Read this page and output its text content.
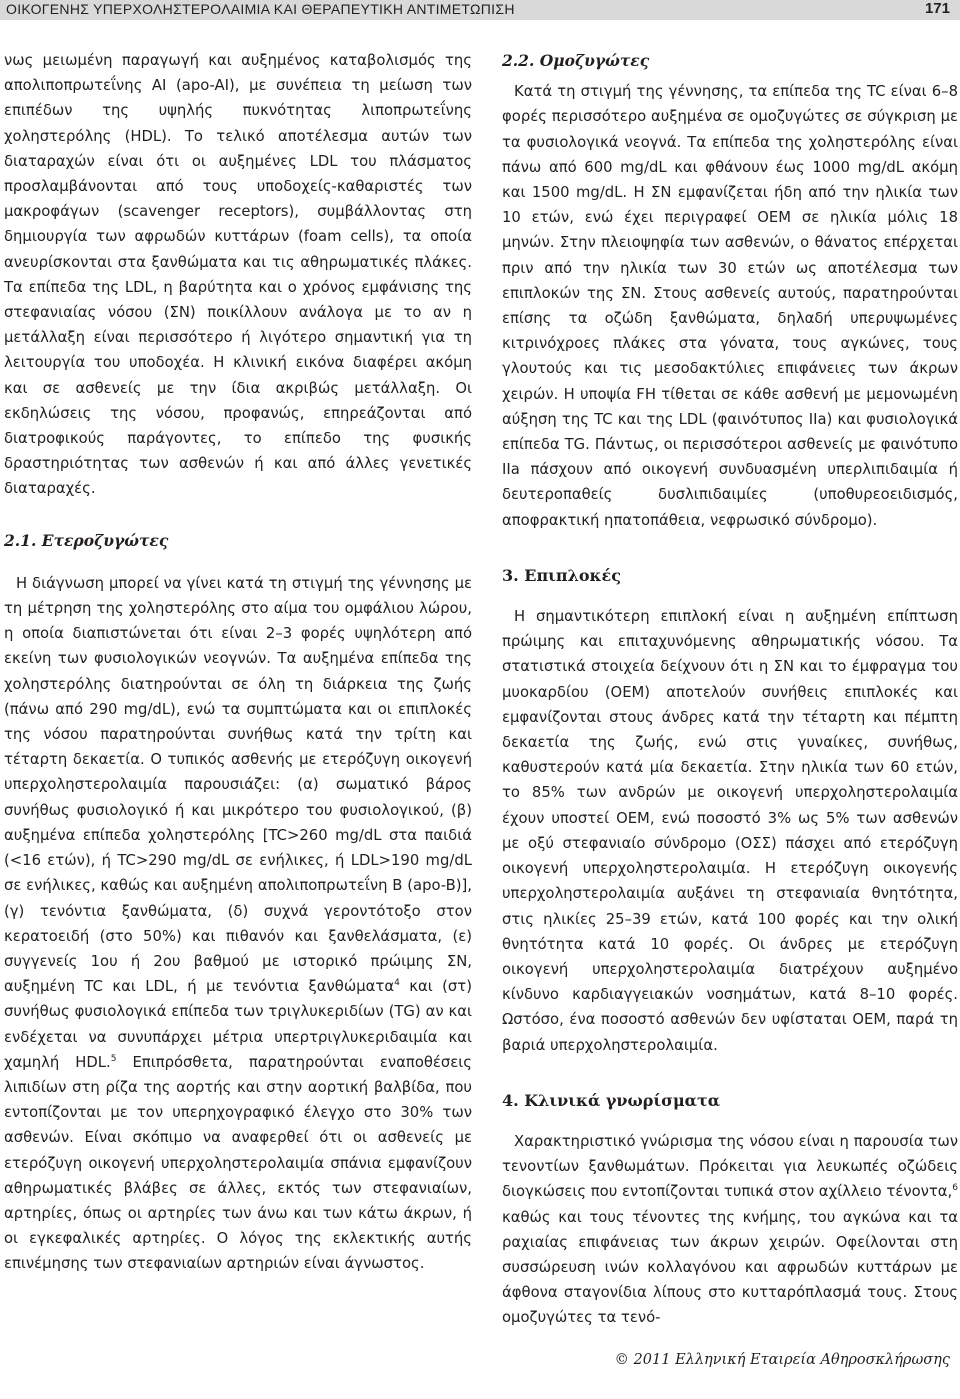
ΟΙΚΟΓΕΝΗΣ ΥΠΕΡΧΟΛΗΣΤΕΡΟΛΑΙΜΙΑ ΚΑΙ ΘΕΡΑΠΕΥΤΙΚΗ ΑΝΤΙΜΕΤΩΠΙΣΗ	171

νως μειωμένη παραγωγή και αυξημένος καταβολισμός της απολιποπρωτεΐνης AI (apo-AI), με συνέπεια τη μείωση των επιπέδων της υψηλής πυκνότητας λιποπρωτεΐνης χοληστερόλης (HDL). Το τελικό αποτέλεσμα αυτών των διαταραχών είναι ότι οι αυξημένες LDL του πλάσματος προσλαμβάνονται από τους υποδοχείς-καθαριστές των μακροφάγων (scavenger receptors), συμβάλλοντας στη δημιουργία των αφρωδών κυττάρων (foam cells), τα οποία ανευρίσκονται στα ξανθώματα και τις αθηρωματικές πλάκες. Τα επίπεδα της LDL, η βαρύτητα και ο χρόνος εμφάνισης της στεφανιαίας νόσου (ΣΝ) ποικίλλουν ανάλογα με το αν η μετάλλαξη είναι περισσότερο ή λιγότερο σημαντική για τη λειτουργία του υποδοχέα. Η κλινική εικόνα διαφέρει ακόμη και σε ασθενείς με την ίδια ακριβώς μετάλλαξη. Οι εκδηλώσεις της νόσου, προφανώς, επηρεάζονται από διατροφικούς παράγοντες, το επίπεδο της φυσικής δραστηριότητας των ασθενών ή και από άλλες γενετικές διαταραχές.

2.1. Ετεροζυγώτες

Η διάγνωση μπορεί να γίνει κατά τη στιγμή της γέννησης με τη μέτρηση της χοληστερόλης στο αίμα του ομφάλιου λώρου, η οποία διαπιστώνεται ότι είναι 2–3 φορές υψηλότερη από εκείνη των φυσιολογικών νεογνών. Τα αυξημένα επίπεδα της χοληστερόλης διατηρούνται σε όλη τη διάρκεια της ζωής (πάνω από 290 mg/dL), ενώ τα συμπτώματα και οι επιπλοκές της νόσου παρατηρούνται συνήθως κατά την τρίτη και τέταρτη δεκαετία. Ο τυπικός ασθενής με ετερόζυγη οικογενή υπερχοληστερολαιμία παρουσιάζει: (α) σωματικό βάρος συνήθως φυσιολογικό ή και μικρότερο του φυσιολογικού, (β) αυξημένα επίπεδα χοληστερόλης [TC>260 mg/dL στα παιδιά (<16 ετών), ή TC>290 mg/dL σε ενήλικες, ή LDL>190 mg/dL σε ενήλικες, καθώς και αυξημένη απολιποπρωτεΐνη B (apo-B)], (γ) τενόντια ξανθώματα, (δ) συχνά γεροντότοξο στον κερατοειδή (στο 50%) και πιθανόν και ξανθελάσματα, (ε) συγγενείς 1ου ή 2ου βαθμού με ιστορικό πρώιμης ΣΝ, αυξημένη TC και LDL, ή με τενόντια ξανθώματα$^4$ και (στ) συνήθως φυσιολογικά επίπεδα των τριγλυκεριδίων (TG) αν και ενδέχεται να συνυπάρχει μέτρια υπερτριγλυκεριδαιμία και χαμηλή HDL.$^5$ Επιπρόσθετα, παρατηρούνται εναποθέσεις λιπιδίων στη ρίζα της αορτής και στην αορτική βαλβίδα, που εντοπίζονται με τον υπερηχογραφικό έλεγχο στο 30% των ασθενών. Είναι σκόπιμο να αναφερθεί ότι οι ασθενείς με ετερόζυγη οικογενή υπερχοληστερολαιμία σπάνια εμφανίζουν αθηρωματικές βλάβες σε άλλες, εκτός των στεφανιαίων, αρτηρίες, όπως οι αρτηρίες των άνω και των κάτω άκρων, ή οι εγκεφαλικές αρτηρίες. Ο λόγος της εκλεκτικής αυτής επινέμησης των στεφανιαίων αρτηριών είναι άγνωστος.

2.2. Ομοζυγώτες

Κατά τη στιγμή της γέννησης, τα επίπεδα της TC είναι 6–8 φορές περισσότερο αυξημένα σε ομοζυγώτες σε σύγκριση με τα φυσιολογικά νεογνά. Τα επίπεδα της χοληστερόλης είναι πάνω από 600 mg/dL και φθάνουν έως 1000 mg/dL ακόμη και 1500 mg/dL. Η ΣΝ εμφανίζεται ήδη από την ηλικία των 10 ετών, ενώ έχει περιγραφεί ΟΕΜ σε ηλικία μόλις 18 μηνών. Στην πλειοψηφία των ασθενών, ο θάνατος επέρχεται πριν από την ηλικία των 30 ετών ως αποτέλεσμα των επιπλοκών της ΣΝ. Στους ασθενείς αυτούς, παρατηρούνται επίσης τα οζώδη ξανθώματα, δηλαδή υπερυψωμένες κιτρινόχροες πλάκες στα γόνατα, τους αγκώνες, τους γλουτούς και τις μεσοδακτύλιες επιφάνειες των άκρων χειρών. Η υποψία FH τίθεται σε κάθε ασθενή με μεμονωμένη αύξηση της TC και της LDL (φαινότυπος IIa) και φυσιολογικά επίπεδα TG. Πάντως, οι περισσότεροι ασθενείς με φαινότυπο IIa πάσχουν από οικογενή συνδυασμένη υπερλιπιδαιμία ή δευτεροπαθείς δυσλιπιδαιμίες (υποθυρεοειδισμός, αποφρακτική ηπατοπάθεια, νεφρωσικό σύνδρομο).

3. Επιπλοκές

Η σημαντικότερη επιπλοκή είναι η αυξημένη επίπτωση πρώιμης και επιταχυνόμενης αθηρωματικής νόσου. Τα στατιστικά στοιχεία δείχνουν ότι η ΣΝ και το έμφραγμα του μυοκαρδίου (ΟΕΜ) αποτελούν συνήθεις επιπλοκές και εμφανίζονται στους άνδρες κατά την τέταρτη και πέμπτη δεκαετία της ζωής, ενώ στις γυναίκες, συνήθως, καθυστερούν κατά μία δεκαετία. Στην ηλικία των 60 ετών, το 85% των ανδρών με οικογενή υπερχοληστερολαιμία έχουν υποστεί ΟΕΜ, ενώ ποσοστό 3% ως 5% των ασθενών με οξύ στεφανιαίο σύνδρομο (ΟΣΣ) πάσχει από ετερόζυγη οικογενή υπερχοληστερολαιμία. Η ετερόζυγη οικογενής υπερχοληστερολαιμία αυξάνει τη στεφανιαία θνητότητα, στις ηλικίες 25–39 ετών, κατά 100 φορές και την ολική θνητότητα κατά 10 φορές. Οι άνδρες με ετερόζυγη οικογενή υπερχοληστερολαιμία διατρέχουν αυξημένο κίνδυνο καρδιαγγειακών νοσημάτων, κατά 8–10 φορές. Ωστόσο, ένα ποσοστό ασθενών δεν υφίσταται ΟΕΜ, παρά τη βαριά υπερχοληστερολαιμία.

4. Κλινικά γνωρίσματα

Χαρακτηριστικό γνώρισμα της νόσου είναι η παρουσία των τενοντίων ξανθωμάτων. Πρόκειται για λευκωπές οζώδεις διογκώσεις που εντοπίζονται τυπικά στον αχίλλειο τένοντα,$^6$ καθώς και τους τένοντες της κνήμης, του αγκώνα και τα ραχιαίας επιφάνειας των άκρων χειρών. Οφείλονται στη συσσώρευση ινών κολλαγόνου και αφρωδών κυττάρων με άφθονα σταγονίδια λίπους στο κυτταρόπλασμά τους. Στους ομοζυγώτες τα τενό-

© 2011 Ελληνική Εταιρεία Αθηροσκλήρωσης
